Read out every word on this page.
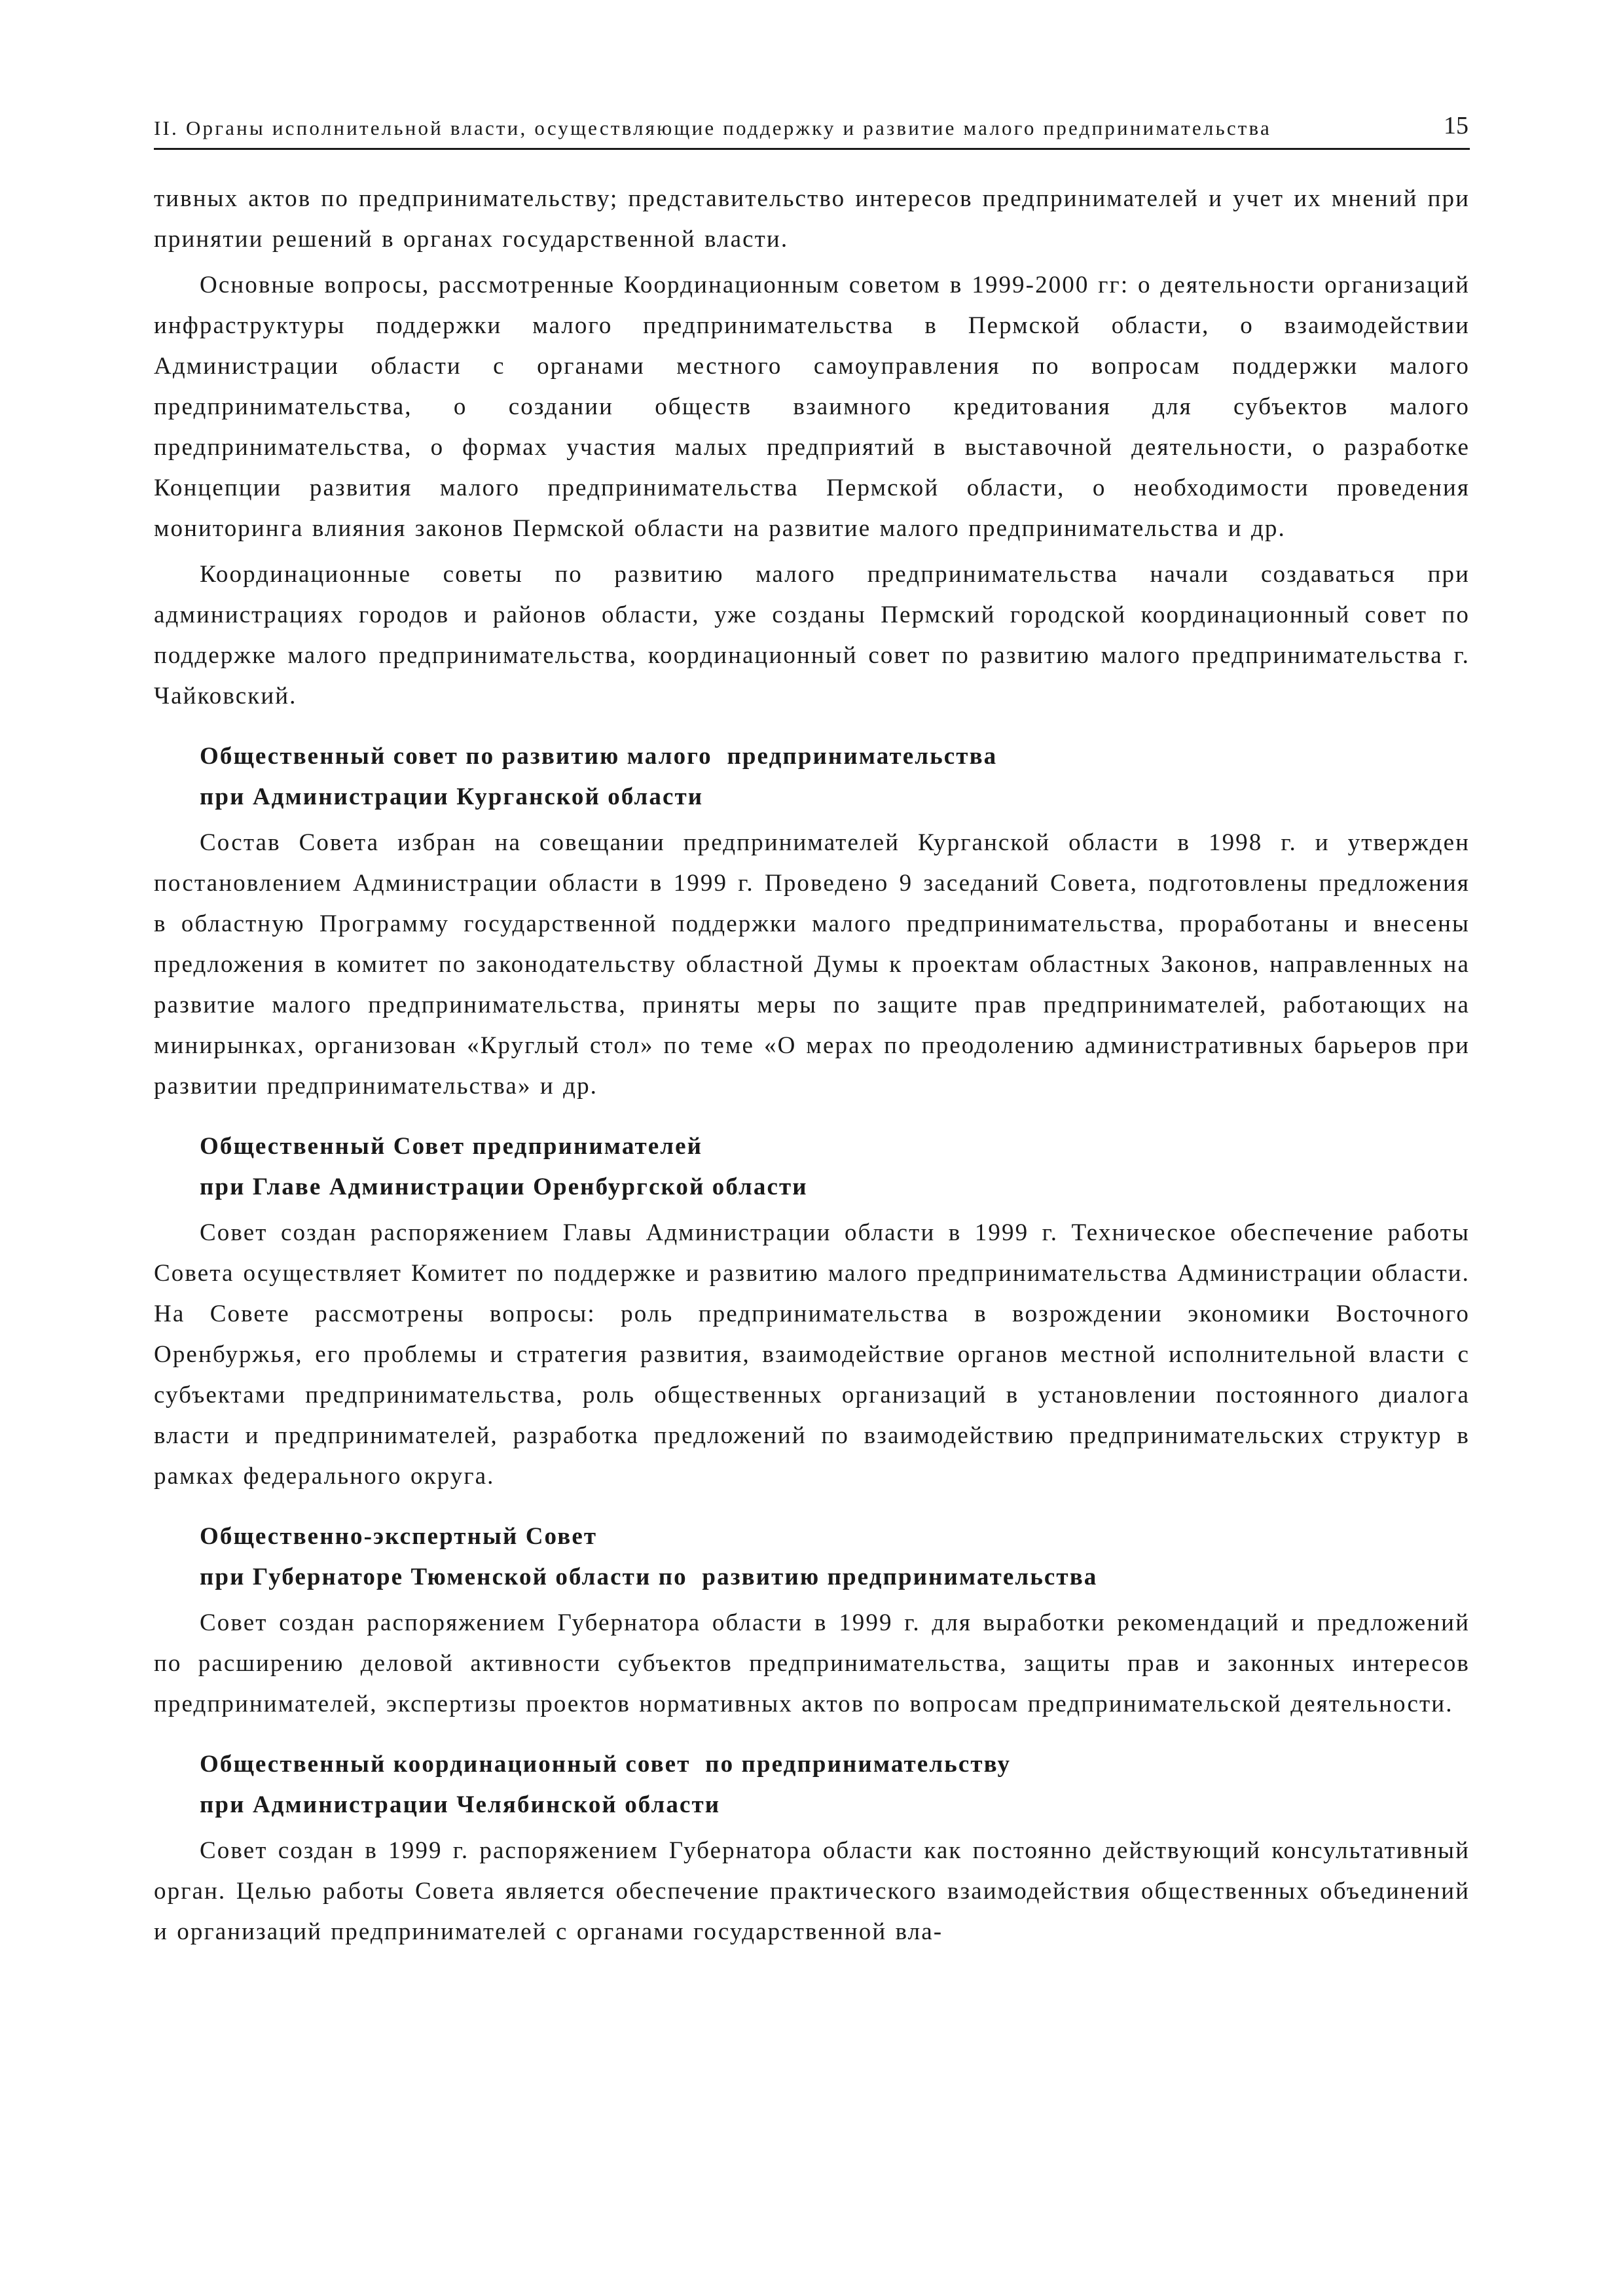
II. Органы исполнительной власти, осуществляющие поддержку и развитие малого предпринимательства	15

тивных актов по предпринимательству; представительство интересов предпринимателей и учет их мнений при принятии решений в органах государственной власти.

Основные вопросы, рассмотренные Координационным советом в 1999-2000 гг: о деятельности организаций инфраструктуры поддержки малого предпринимательства в Пермской области, о взаимодействии Администрации области с органами местного самоуправления по вопросам поддержки малого предпринимательства, о создании обществ взаимного кредитования для субъектов малого предпринимательства, о формах участия малых предприятий в выставочной деятельности, о разработке Концепции развития малого предпринимательства Пермской области, о необходимости проведения мониторинга влияния законов Пермской области на развитие малого предпринимательства и др.

Координационные советы по развитию малого предпринимательства начали создаваться при администрациях городов и районов области, уже созданы Пермский городской координационный совет по поддержке малого предпринимательства, координационный совет по развитию малого предпринимательства г. Чайковский.

Общественный совет по развитию малого  предпринимательства
при Администрации Курганской области

Состав Совета избран на совещании предпринимателей Курганской области в 1998 г. и утвержден постановлением Администрации области в 1999 г. Проведено 9 заседаний Совета, подготовлены предложения в областную Программу государственной поддержки малого предпринимательства, проработаны и внесены предложения в комитет по законодательству областной Думы к проектам областных Законов, направленных на развитие малого предпринимательства, приняты меры по защите прав предпринимателей, работающих на минирынках, организован «Круглый стол» по теме «О мерах по преодолению административных барьеров при развитии предпринимательства» и др.

Общественный Совет предпринимателей
при Главе Администрации Оренбургской области

Совет создан распоряжением Главы Администрации области в 1999 г. Техническое обеспечение работы Совета осуществляет Комитет по поддержке и развитию малого предпринимательства Администрации области. На Совете рассмотрены вопросы: роль предпринимательства в возрождении экономики Восточного Оренбуржья, его проблемы и стратегия развития, взаимодействие органов местной исполнительной власти с субъектами предпринимательства, роль общественных организаций в установлении постоянного диалога власти и предпринимателей, разработка предложений по взаимодействию предпринимательских структур в рамках федерального округа.

Общественно-экспертный Совет
при Губернаторе Тюменской области по  развитию предпринимательства

Совет создан распоряжением Губернатора области в 1999 г. для выработки рекомендаций и предложений по расширению деловой активности субъектов предпринимательства, защиты прав и законных интересов предпринимателей, экспертизы проектов нормативных актов по вопросам предпринимательской деятельности.

Общественный координационный совет  по предпринимательству
при Администрации Челябинской области

Совет создан в 1999 г. распоряжением Губернатора области как постоянно действующий консультативный орган. Целью работы Совета является обеспечение практического взаимодействия общественных объединений и организаций предпринимателей с органами государственной вла-
